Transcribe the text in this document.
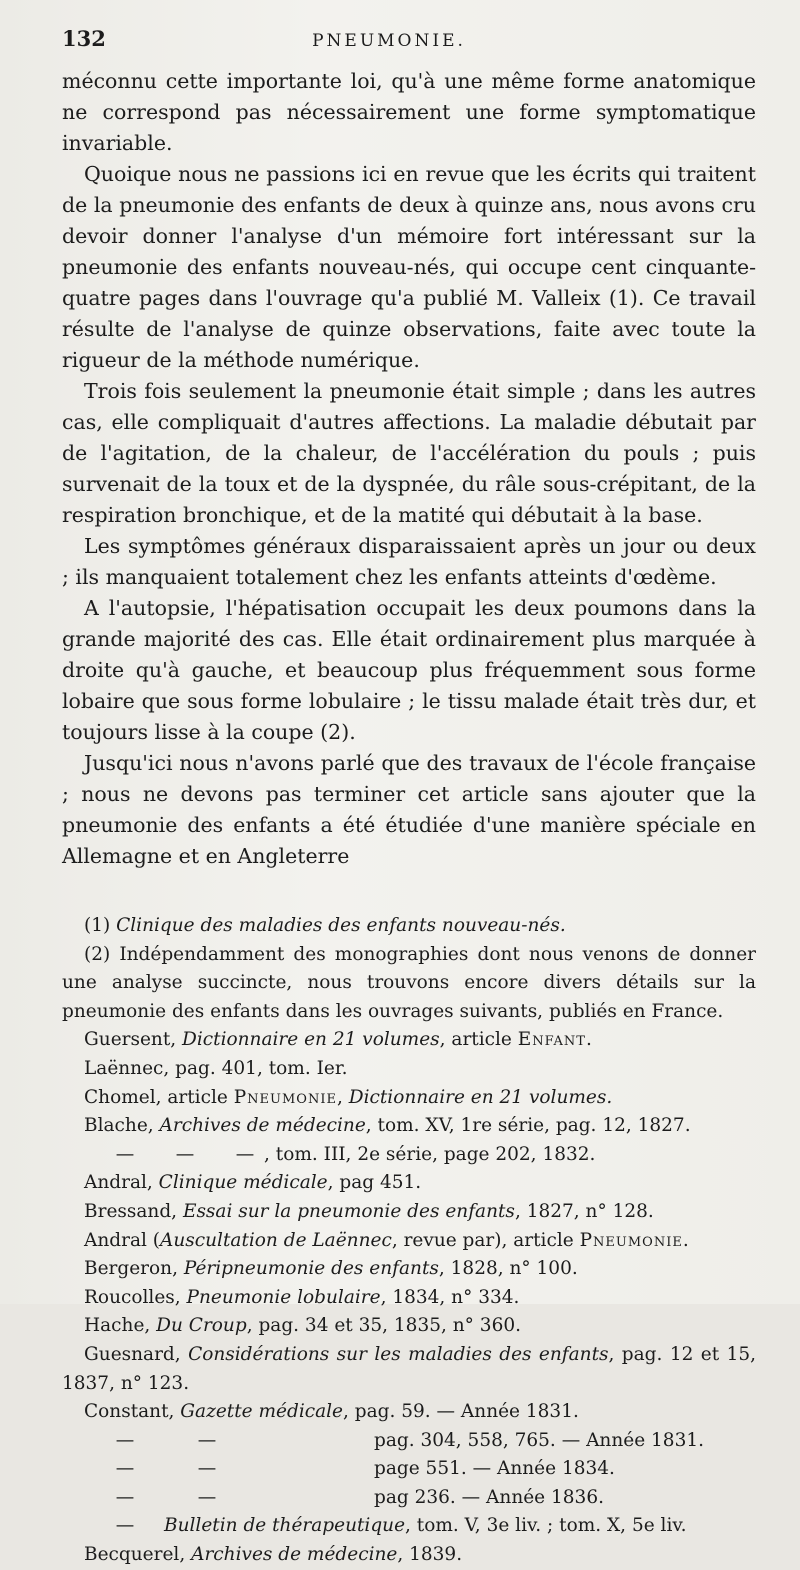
132	PNEUMONIE.

méconnu cette importante loi, qu'à une même forme anatomique ne correspond pas nécessairement une forme symptomatique invariable.

Quoique nous ne passions ici en revue que les écrits qui traitent de la pneumonie des enfants de deux à quinze ans, nous avons cru devoir donner l'analyse d'un mémoire fort intéressant sur la pneumonie des enfants nouveau-nés, qui occupe cent cinquante-quatre pages dans l'ouvrage qu'a publié M. Valleix (1). Ce travail résulte de l'analyse de quinze observations, faite avec toute la rigueur de la méthode numérique.

Trois fois seulement la pneumonie était simple ; dans les autres cas, elle compliquait d'autres affections. La maladie débutait par de l'agitation, de la chaleur, de l'accélération du pouls ; puis survenait de la toux et de la dyspnée, du râle sous-crépitant, de la respiration bronchique, et de la matité qui débutait à la base.

Les symptômes généraux disparaissaient après un jour ou deux ; ils manquaient totalement chez les enfants atteints d'œdème.

A l'autopsie, l'hépatisation occupait les deux poumons dans la grande majorité des cas. Elle était ordinairement plus marquée à droite qu'à gauche, et beaucoup plus fréquemment sous forme lobaire que sous forme lobulaire ; le tissu malade était très dur, et toujours lisse à la coupe (2).

Jusqu'ici nous n'avons parlé que des travaux de l'école française ; nous ne devons pas terminer cet article sans ajouter que la pneumonie des enfants a été étudiée d'une manière spéciale en Allemagne et en Angleterre

(1) Clinique des maladies des enfants nouveau-nés.

(2) Indépendamment des monographies dont nous venons de donner une analyse succincte, nous trouvons encore divers détails sur la pneumonie des enfants dans les ouvrages suivants, publiés en France.

Guersent, Dictionnaire en 21 volumes, article Enfant.

Laënnec, pag. 401, tom. Ier.

Chomel, article Pneumonie, Dictionnaire en 21 volumes.

Blache, Archives de médecine, tom. XV, 1re série, pag. 12, 1827.

— — — , tom. III, 2e série, page 202, 1832.

Andral, Clinique médicale, pag 451.

Bressand, Essai sur la pneumonie des enfants, 1827, n° 128.

Andral (Auscultation de Laënnec, revue par), article Pneumonie.

Bergeron, Péripneumonie des enfants, 1828, n° 100.

Roucolles, Pneumonie lobulaire, 1834, n° 334.

Hache, Du Croup, pag. 34 et 35, 1835, n° 360.

Guesnard, Considérations sur les maladies des enfants, pag. 12 et 15, 1837, n° 123.

Constant, Gazette médicale, pag. 59. — Année 1831.

—	—	pag. 304, 558, 765. — Année 1831.

—	—	page 551. — Année 1834.

—	—	pag 236. — Année 1836.

— Bulletin de thérapeutique, tom. V, 3e liv. ; tom. X, 5e liv.

Becquerel, Archives de médecine, 1839.
